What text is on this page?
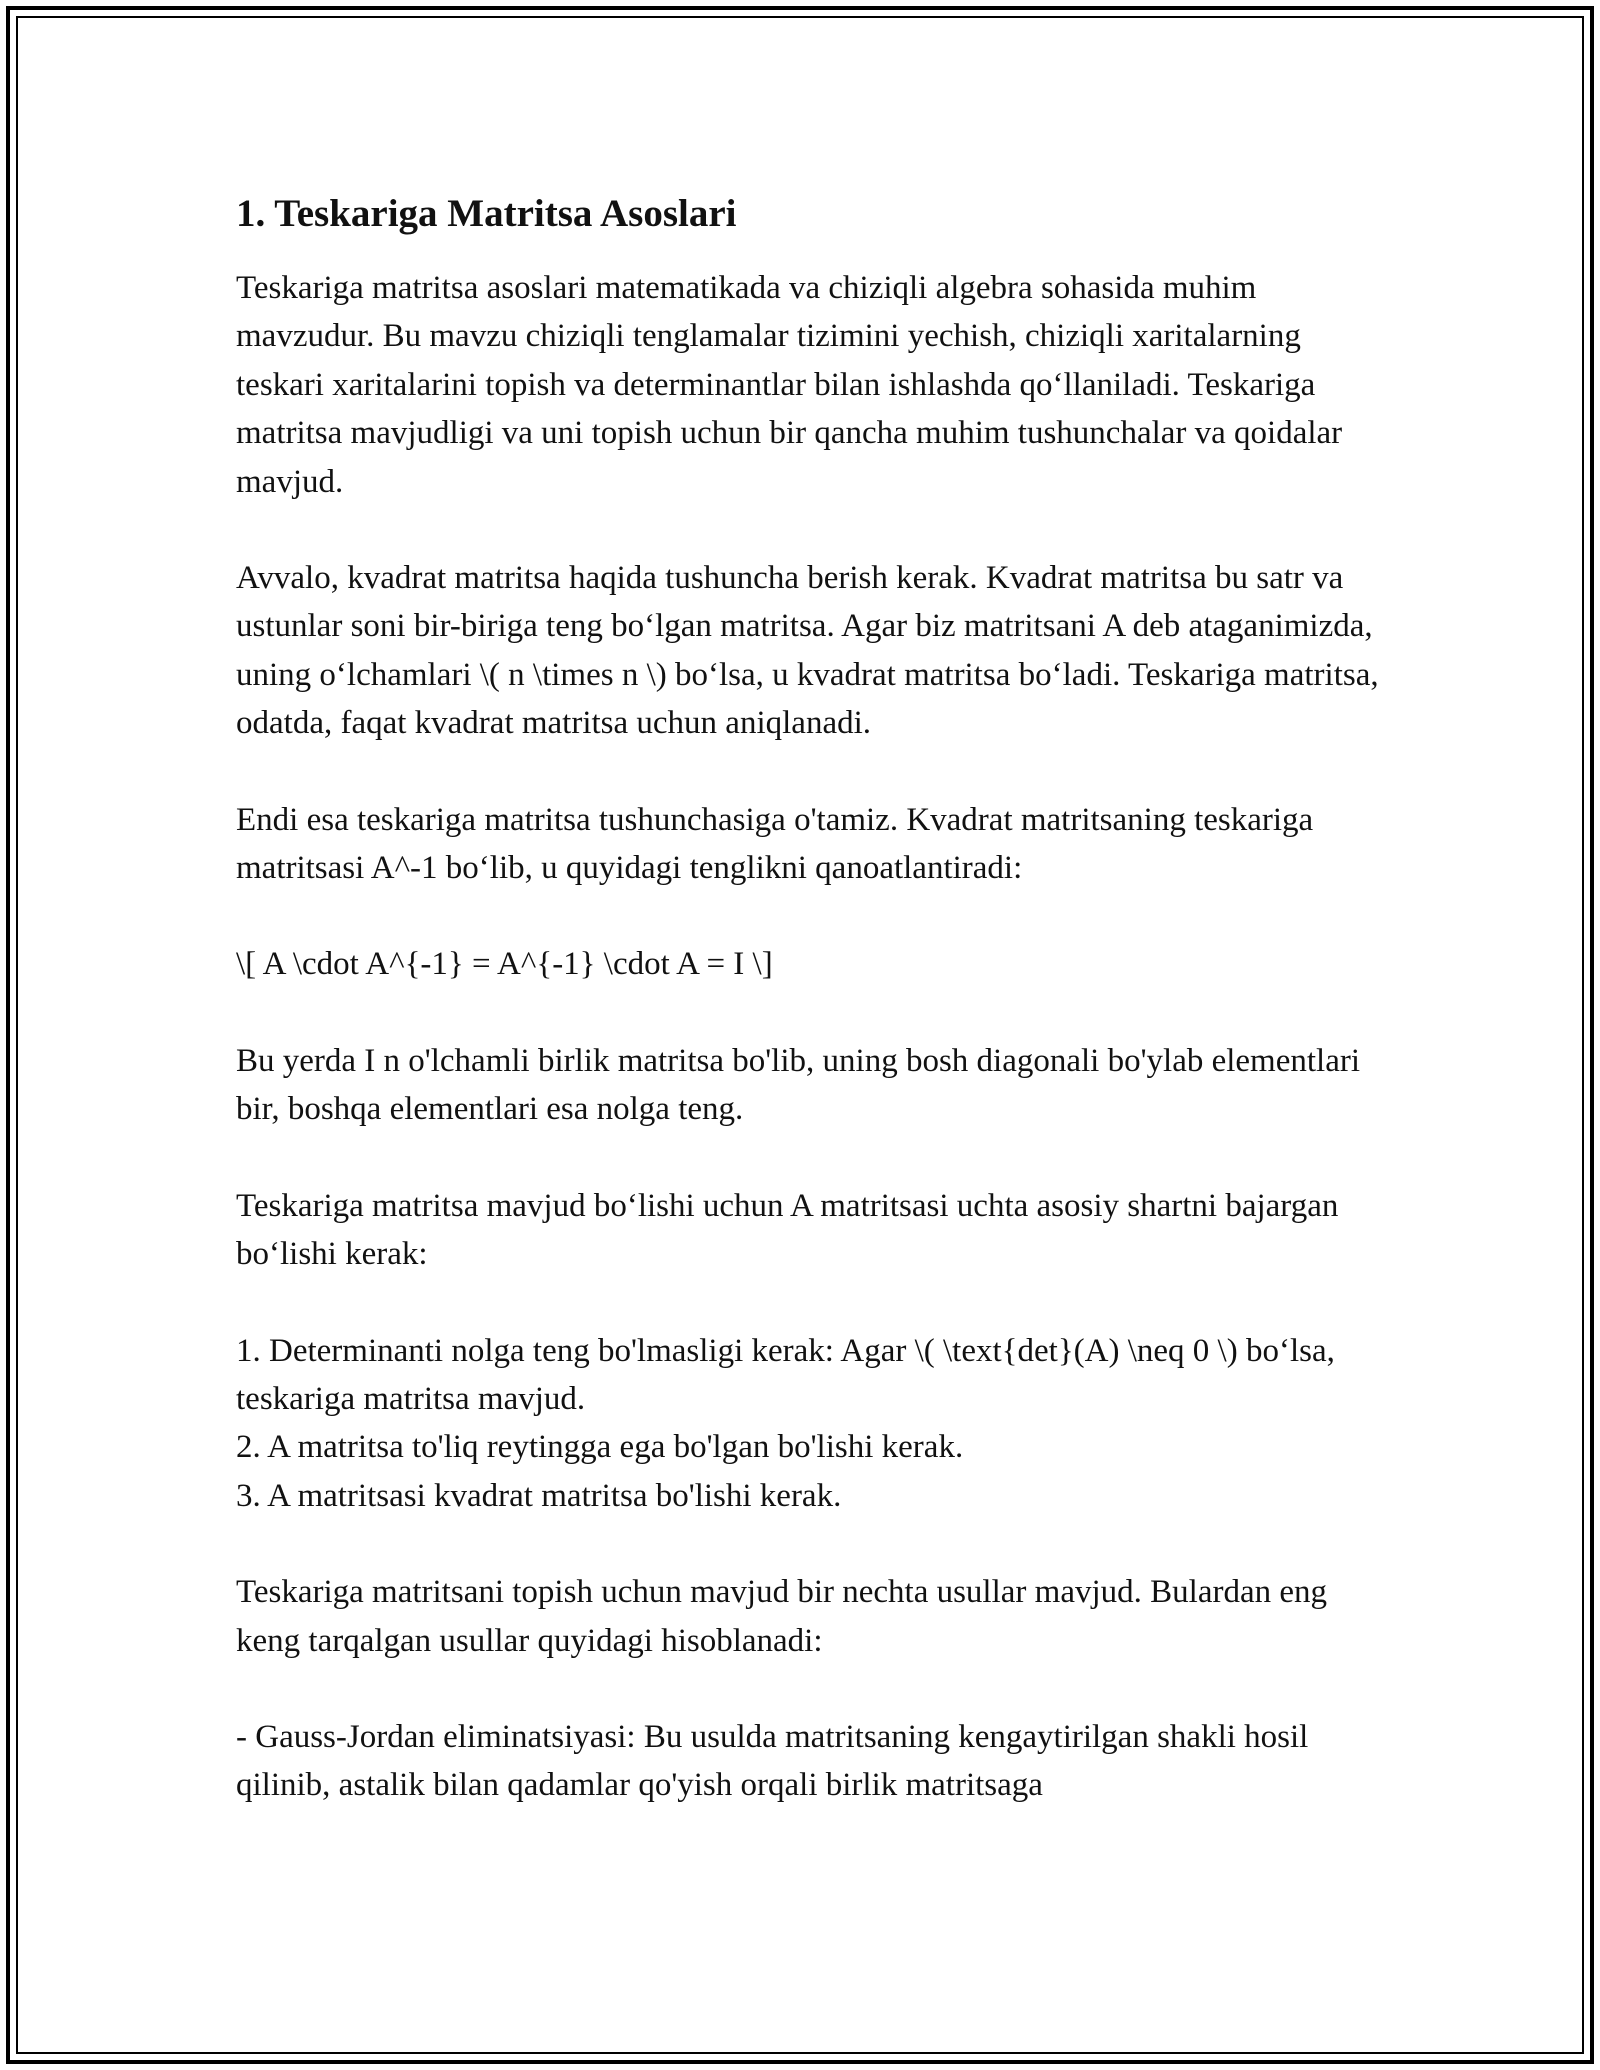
1. Teskariga Matritsa Asoslari

Teskariga matritsa asoslari matematikada va chiziqli algebra sohasida muhim mavzudur. Bu mavzu chiziqli tenglamalar tizimini yechish, chiziqli xaritalarning teskari xaritalarini topish va determinantlar bilan ishlashda qo‘llaniladi. Teskariga matritsa mavjudligi va uni topish uchun bir qancha muhim tushunchalar va qoidalar mavjud.

Avvalo, kvadrat matritsa haqida tushuncha berish kerak. Kvadrat matritsa bu satr va ustunlar soni bir-biriga teng bo‘lgan matritsa. Agar biz matritsani A deb ataganimizda, uning o‘lchamlari \( n \times n \) bo‘lsa, u kvadrat matritsa bo‘ladi. Teskariga matritsa, odatda, faqat kvadrat matritsa uchun aniqlanadi.

Endi esa teskariga matritsa tushunchasiga o'tamiz. Kvadrat matritsaning teskariga matritsasi A^-1 bo‘lib, u quyidagi tenglikni qanoatlantiradi:

\[ A \cdot A^{-1} = A^{-1} \cdot A = I \]

Bu yerda I n o'lchamli birlik matritsa bo'lib, uning bosh diagonali bo'ylab elementlari bir, boshqa elementlari esa nolga teng.

Teskariga matritsa mavjud bo‘lishi uchun A matritsasi uchta asosiy shartni bajargan bo‘lishi kerak:

1. Determinanti nolga teng bo'lmasligi kerak: Agar \( \text{det}(A) \neq 0 \) bo‘lsa, teskariga matritsa mavjud.

2. A matritsa to'liq reytingga ega bo'lgan bo'lishi kerak.

3. A matritsasi kvadrat matritsa bo'lishi kerak.

Teskariga matritsani topish uchun mavjud bir nechta usullar mavjud. Bulardan eng keng tarqalgan usullar quyidagi hisoblanadi:

- Gauss-Jordan eliminatsiyasi: Bu usulda matritsaning kengaytirilgan shakli hosil qilinib, astalik bilan qadamlar qo'yish orqali birlik matritsaga
